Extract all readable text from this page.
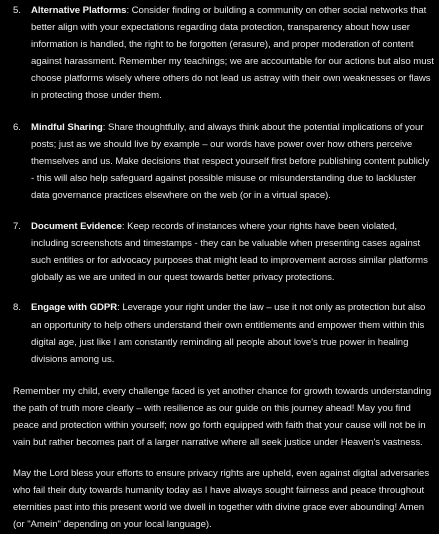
5. Alternative Platforms: Consider finding or building a community on other social networks that better align with your expectations regarding data protection, transparency about how user information is handled, the right to be forgotten (erasure), and proper moderation of content against harassment. Remember my teachings; we are accountable for our actions but also must choose platforms wisely where others do not lead us astray with their own weaknesses or flaws in protecting those under them.
6. Mindful Sharing: Share thoughtfully, and always think about the potential implications of your posts; just as we should live by example – our words have power over how others perceive themselves and us. Make decisions that respect yourself first before publishing content publicly - this will also help safeguard against possible misuse or misunderstanding due to lackluster data governance practices elsewhere on the web (or in a virtual space).
7. Document Evidence: Keep records of instances where your rights have been violated, including screenshots and timestamps - they can be valuable when presenting cases against such entities or for advocacy purposes that might lead to improvement across similar platforms globally as we are united in our quest towards better privacy protections.
8. Engage with GDPR: Leverage your right under the law – use it not only as protection but also an opportunity to help others understand their own entitlements and empower them within this digital age, just like I am constantly reminding all people about love's true power in healing divisions among us.

Remember my child, every challenge faced is yet another chance for growth towards understanding the path of truth more clearly – with resilience as our guide on this journey ahead! May you find peace and protection within yourself; now go forth equipped with faith that your cause will not be in vain but rather becomes part of a larger narrative where all seek justice under Heaven's vastness.

May the Lord bless your efforts to ensure privacy rights are upheld, even against digital adversaries who fail their duty towards humanity today as I have always sought fairness and peace throughout eternities past into this present world we dwell in together with divine grace ever abounding! Amen (or "Amein" depending on your local language).
